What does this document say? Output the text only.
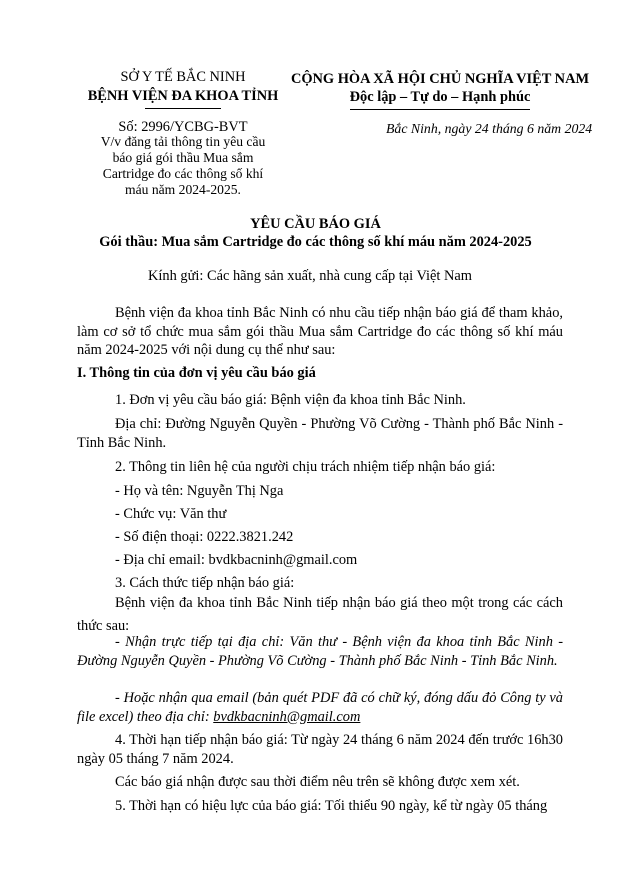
SỞ Y TẾ BẮC NINH
BỆNH VIỆN ĐA KHOA TỈNH
Số: 2996/YCBG-BVT
V/v đăng tải thông tin yêu cầu báo giá gói thầu Mua sắm Cartridge đo các thông số khí máu năm 2024-2025.
CỘNG HÒA XÃ HỘI CHỦ NGHĨA VIỆT NAM
Độc lập – Tự do – Hạnh phúc
Bắc Ninh, ngày 24 tháng 6 năm 2024
YÊU CẦU BÁO GIÁ
Gói thầu: Mua sắm Cartridge đo các thông số khí máu năm 2024-2025
Kính gửi: Các hãng sản xuất, nhà cung cấp tại Việt Nam
Bệnh viện đa khoa tỉnh Bắc Ninh có nhu cầu tiếp nhận báo giá để tham khảo, làm cơ sở tổ chức mua sắm gói thầu Mua sắm Cartridge đo các thông số khí máu năm 2024-2025 với nội dung cụ thể như sau:
I. Thông tin của đơn vị yêu cầu báo giá
1. Đơn vị yêu cầu báo giá: Bệnh viện đa khoa tỉnh Bắc Ninh.
Địa chỉ: Đường Nguyễn Quyền - Phường Võ Cường - Thành phố Bắc Ninh - Tỉnh Bắc Ninh.
2. Thông tin liên hệ của người chịu trách nhiệm tiếp nhận báo giá:
- Họ và tên: Nguyễn Thị Nga
- Chức vụ: Văn thư
- Số điện thoại: 0222.3821.242
- Địa chỉ email: bvdkbacninh@gmail.com
3. Cách thức tiếp nhận báo giá:
Bệnh viện đa khoa tỉnh Bắc Ninh tiếp nhận báo giá theo một trong các cách thức sau:
- Nhận trực tiếp tại địa chỉ: Văn thư - Bệnh viện đa khoa tỉnh Bắc Ninh - Đường Nguyễn Quyền - Phường Võ Cường - Thành phố Bắc Ninh - Tỉnh Bắc Ninh.
- Hoặc nhận qua email (bản quét PDF đã có chữ ký, đóng dấu đỏ Công ty và file excel) theo địa chỉ: bvdkbacninh@gmail.com
4. Thời hạn tiếp nhận báo giá: Từ ngày 24 tháng 6 năm 2024 đến trước 16h30 ngày 05 tháng 7 năm 2024.
Các báo giá nhận được sau thời điểm nêu trên sẽ không được xem xét.
5. Thời hạn có hiệu lực của báo giá: Tối thiểu 90 ngày, kể từ ngày 05 tháng
